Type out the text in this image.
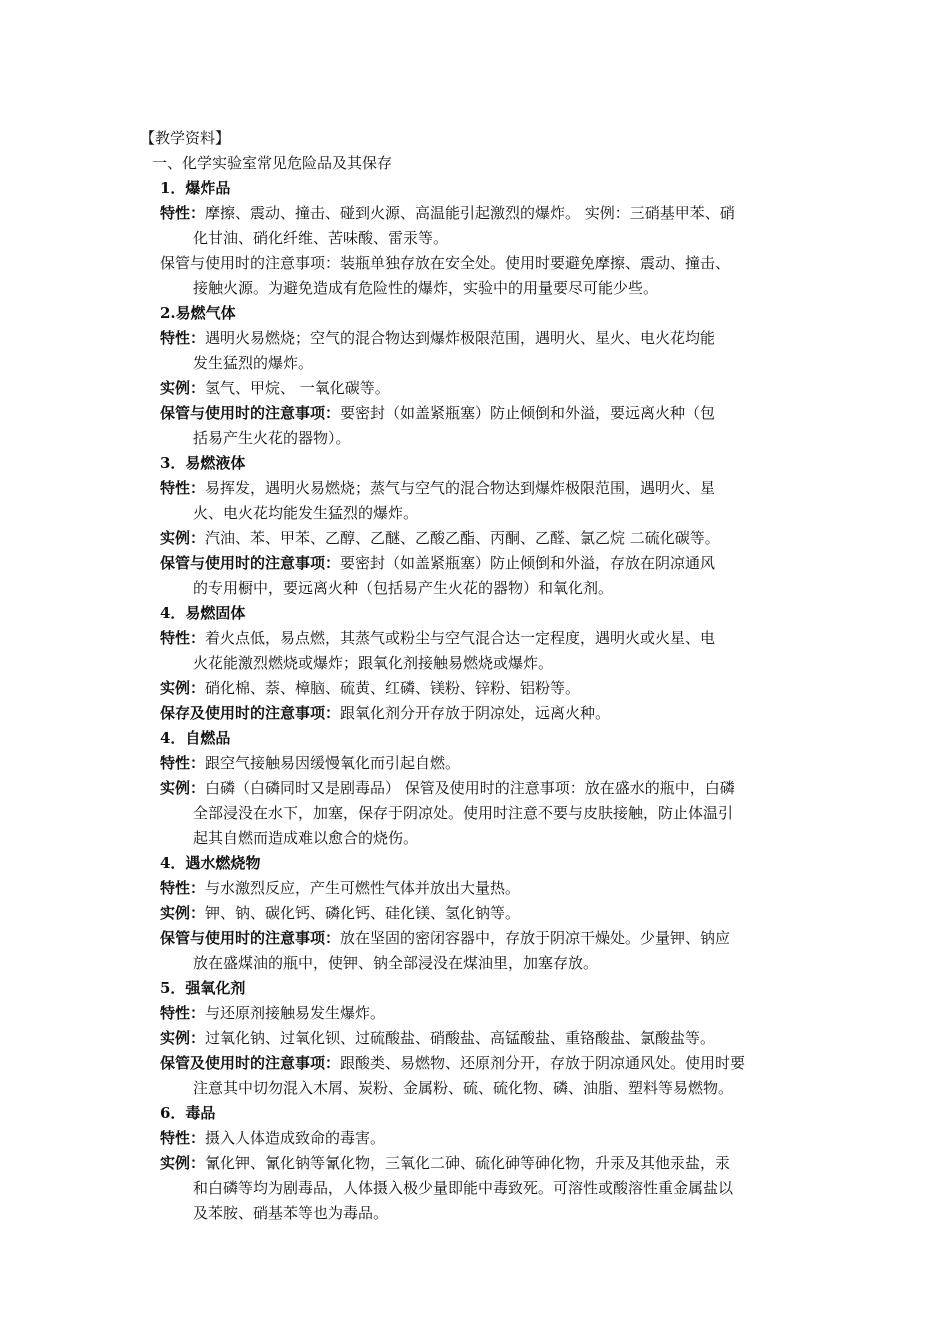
【教学资料】
一、化学实验室常见危险品及其保存
1．爆炸品
特性：摩擦、震动、撞击、碰到火源、高温能引起激烈的爆炸。 实例：三硝基甲苯、硝
化甘油、硝化纤维、苦味酸、雷汞等。
保管与使用时的注意事项：装瓶单独存放在安全处。使用时要避免摩擦、震动、撞击、
接触火源。为避免造成有危险性的爆炸，实验中的用量要尽可能少些。
2.易燃气体
特性：遇明火易燃烧；空气的混合物达到爆炸极限范围，遇明火、星火、电火花均能
发生猛烈的爆炸。
实例：氢气、甲烷、 一氧化碳等。
保管与使用时的注意事项：要密封（如盖紧瓶塞）防止倾倒和外溢，要远离火种（包
括易产生火花的器物）。
3．易燃液体
特性：易挥发，遇明火易燃烧；蒸气与空气的混合物达到爆炸极限范围，遇明火、星
火、电火花均能发生猛烈的爆炸。
实例：汽油、苯、甲苯、乙醇、乙醚、乙酸乙酯、丙酮、乙醛、氯乙烷 二硫化碳等。
保管与使用时的注意事项：要密封（如盖紧瓶塞）防止倾倒和外溢，存放在阴凉通风
的专用橱中，要远离火种（包括易产生火花的器物）和氧化剂。
4．易燃固体
特性：着火点低，易点燃，其蒸气或粉尘与空气混合达一定程度，遇明火或火星、电
火花能激烈燃烧或爆炸；跟氧化剂接触易燃烧或爆炸。
实例：硝化棉、萘、樟脑、硫黄、红磷、镁粉、锌粉、铝粉等。
保存及使用时的注意事项：跟氧化剂分开存放于阴凉处，远离火种。
4．自燃品
特性：跟空气接触易因缓慢氧化而引起自燃。
实例：白磷（白磷同时又是剧毒品） 保管及使用时的注意事项：放在盛水的瓶中，白磷
全部浸没在水下，加塞，保存于阴凉处。使用时注意不要与皮肤接触，防止体温引
起其自燃而造成难以愈合的烧伤。
4．遇水燃烧物
特性：与水激烈反应，产生可燃性气体并放出大量热。
实例：钾、钠、碳化钙、磷化钙、硅化镁、氢化钠等。
保管与使用时的注意事项：放在坚固的密闭容器中，存放于阴凉干燥处。少量钾、钠应
放在盛煤油的瓶中，使钾、钠全部浸没在煤油里，加塞存放。
5．强氧化剂
特性：与还原剂接触易发生爆炸。
实例：过氧化钠、过氧化钡、过硫酸盐、硝酸盐、高锰酸盐、重铬酸盐、氯酸盐等。
保管及使用时的注意事项：跟酸类、易燃物、还原剂分开，存放于阴凉通风处。使用时要
注意其中切勿混入木屑、炭粉、金属粉、硫、硫化物、磷、油脂、塑料等易燃物。
6．毒品
特性：摄入人体造成致命的毒害。
实例：氰化钾、氰化钠等氰化物，三氧化二砷、硫化砷等砷化物，升汞及其他汞盐，汞
和白磷等均为剧毒品，人体摄入极少量即能中毒致死。可溶性或酸溶性重金属盐以
及苯胺、硝基苯等也为毒品。
